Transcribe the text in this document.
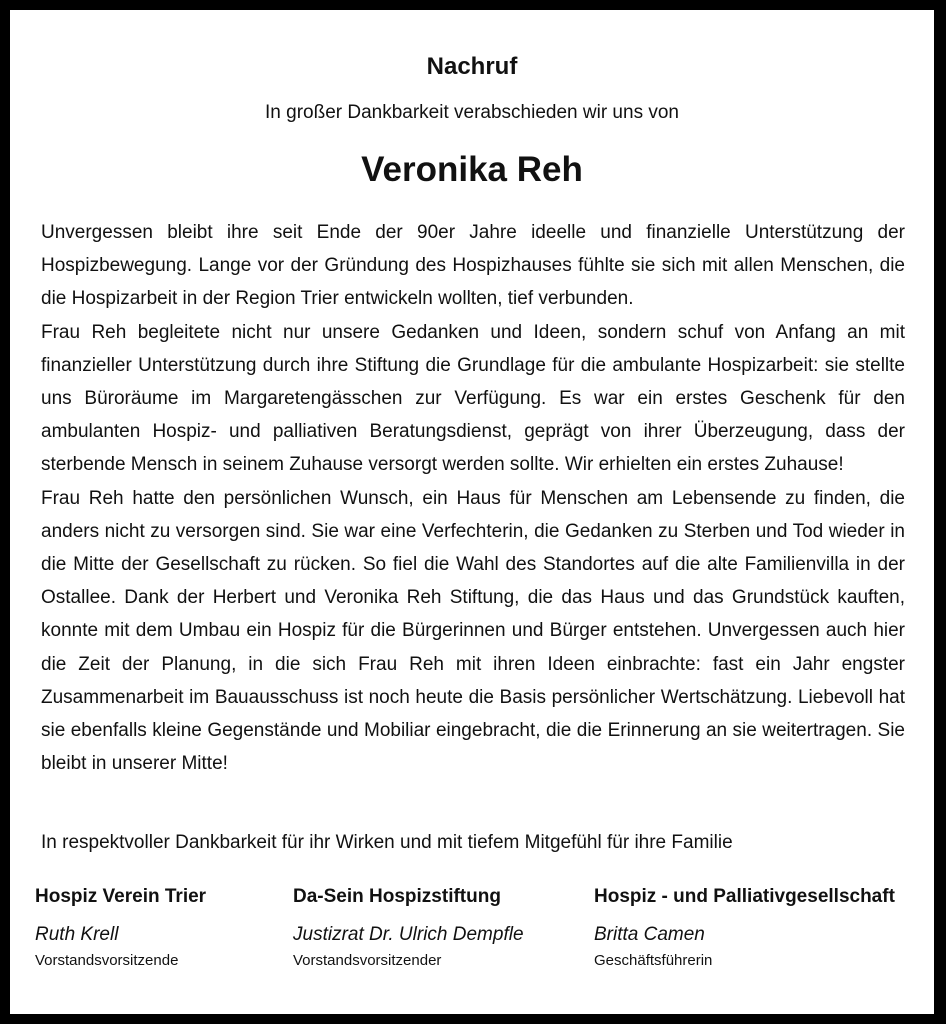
Nachruf
In großer Dankbarkeit verabschieden wir uns von
Veronika Reh

Unvergessen bleibt ihre seit Ende der 90er Jahre ideelle und finanzielle Unterstützung der Hospizbewegung. Lange vor der Gründung des Hospizhauses fühlte sie sich mit allen Menschen, die die Hospizarbeit in der Region Trier entwickeln wollten, tief verbunden.

Frau Reh begleitete nicht nur unsere Gedanken und Ideen, sondern schuf von Anfang an mit finanzieller Unterstützung durch ihre Stiftung die Grundlage für die ambulante Hospizarbeit: sie stellte uns Büroräume im Margaretengässchen zur Verfügung. Es war ein erstes Geschenk für den ambulanten Hospiz- und palliativen Beratungsdienst, geprägt von ihrer Überzeugung, dass der sterbende Mensch in seinem Zuhause versorgt werden sollte. Wir erhielten ein erstes Zuhause!

Frau Reh hatte den persönlichen Wunsch, ein Haus für Menschen am Lebensende zu finden, die anders nicht zu versorgen sind. Sie war eine Verfechterin, die Gedanken zu Sterben und Tod wieder in die Mitte der Gesellschaft zu rücken. So fiel die Wahl des Standortes auf die alte Familienvilla in der Ostallee. Dank der Herbert und Veronika Reh Stiftung, die das Haus und das Grundstück kauften, konnte mit dem Umbau ein Hospiz für die Bürgerinnen und Bürger entstehen. Unvergessen auch hier die Zeit der Planung, in die sich Frau Reh mit ihren Ideen einbrachte: fast ein Jahr engster Zusammenarbeit im Bauausschuss ist noch heute die Basis persönlicher Wertschätzung. Liebevoll hat sie ebenfalls kleine Gegenstände und Mobiliar eingebracht, die die Erinnerung an sie weitertragen. Sie bleibt in unserer Mitte!

In respektvoller Dankbarkeit für ihr Wirken und mit tiefem Mitgefühl für ihre Familie
Hospiz Verein Trier
Ruth Krell
Vorstandsvorsitzende
Da-Sein Hospizstiftung
Justizrat Dr. Ulrich Dempfle
Vorstandsvorsitzender
Hospiz - und Palliativgesellschaft
Britta Camen
Geschäftsführerin
